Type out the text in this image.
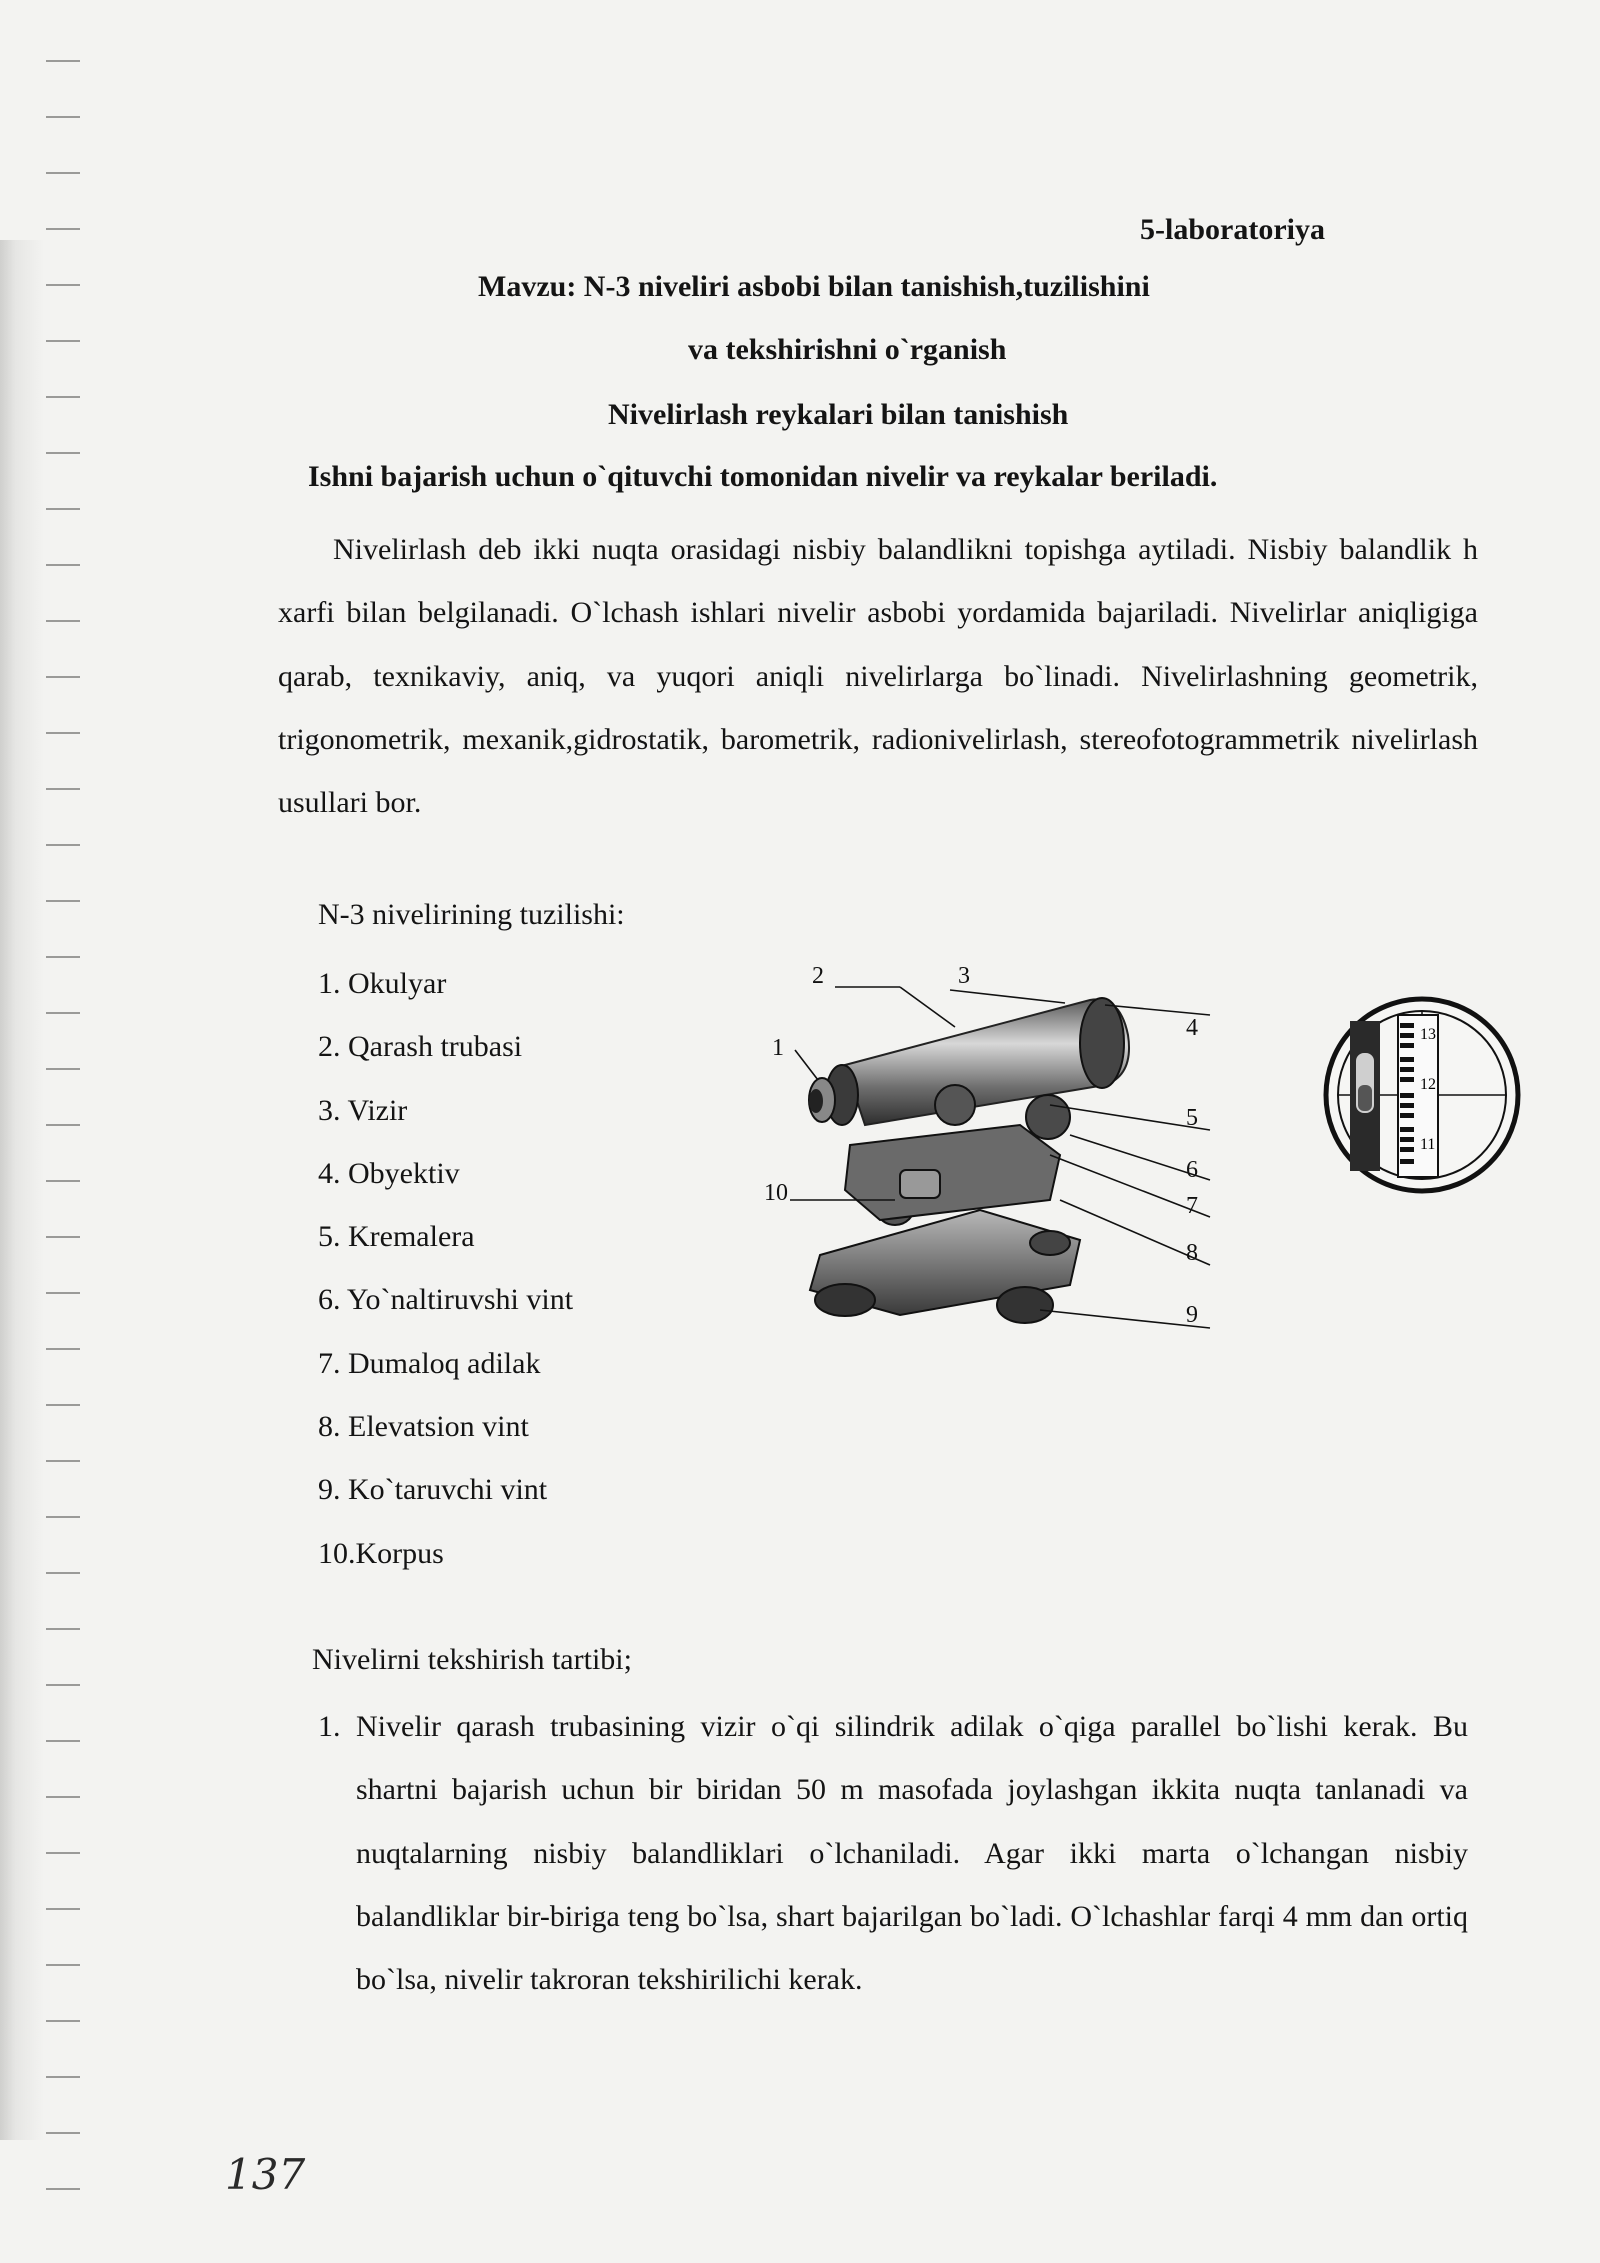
5-laboratoriya
Mavzu: N-3 niveliri asbobi bilan tanishish,tuzilishini
va tekshirishni o`rganish
Nivelirlash reykalari bilan tanishish
Ishni bajarish uchun o`qituvchi tomonidan nivelir va reykalar beriladi.
Nivelirlash deb ikki nuqta orasidagi nisbiy balandlikni topishga aytiladi. Nisbiy balandlik h xarfi bilan belgilanadi. O`lchash ishlari nivelir asbobi yordamida bajariladi. Nivelirlar aniqligiga qarab, texnikaviy, aniq, va yuqori aniqli nivelirlarga bo`linadi. Nivelirlashning geometrik, trigonometrik, mexanik,gidrostatik, barometrik, radionivelirlash, stereofotogrammetrik nivelirlash usullari bor.
N-3 nivelirining tuzilishi:
1. Okulyar
2. Qarash trubasi
3. Vizir
4. Obyektiv
5. Kremalera
6. Yo`naltiruvshi vint
7. Dumaloq adilak
8. Elevatsion vint
9. Ko`taruvchi vint
10.Korpus
1
2	3
4
5
6
7
8
9
10
13
12
11
Nivelirni tekshirish tartibi;
1. Nivelir qarash trubasining vizir o`qi silindrik adilak o`qiga parallel bo`lishi kerak. Bu shartni bajarish uchun bir biridan 50 m masofada joylashgan ikkita nuqta tanlanadi va nuqtalarning nisbiy balandliklari o`lchaniladi. Agar ikki marta o`lchangan nisbiy balandliklar bir-biriga teng bo`lsa, shart bajarilgan bo`ladi. O`lchashlar farqi 4 mm dan ortiq bo`lsa, nivelir takroran tekshirilichi kerak.
137
